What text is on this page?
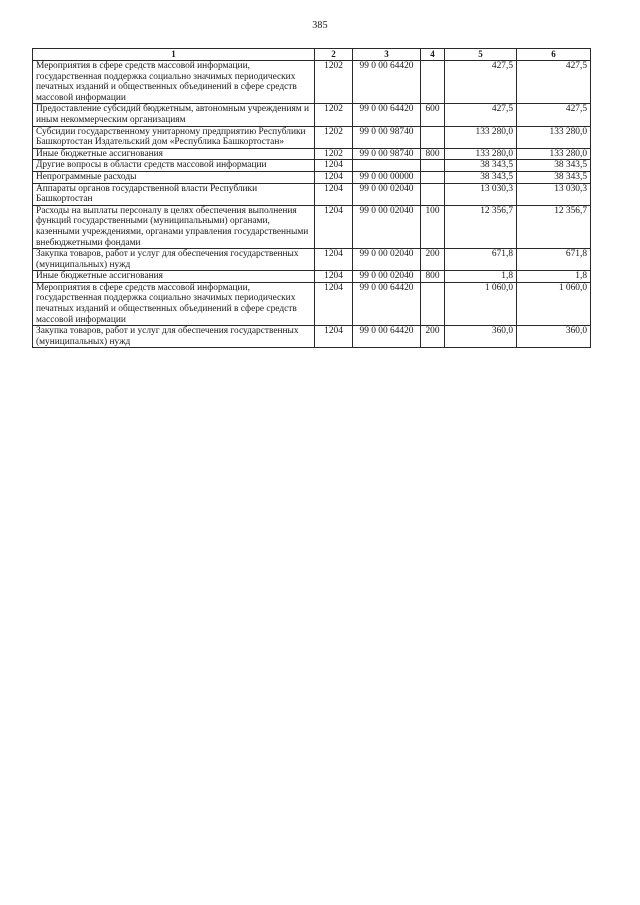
385
1	2	3	4	5	6
Мероприятия в сфере средств массовой информации, государственная поддержка социально значимых периодических печатных изданий и общественных объединений в сфере средств массовой информации	1202	99 0 00 64420		427,5	427,5
Предоставление субсидий бюджетным, автономным учреждениям и иным некоммерческим организациям	1202	99 0 00 64420	600	427,5	427,5
Субсидии государственному унитарному предприятию Республики Башкортостан Издательский дом «Республика Башкортостан»	1202	99 0 00 98740		133 280,0	133 280,0
Иные бюджетные ассигнования	1202	99 0 00 98740	800	133 280,0	133 280,0
Другие вопросы в области средств массовой информации	1204			38 343,5	38 343,5
Непрограммные расходы	1204	99 0 00 00000		38 343,5	38 343,5
Аппараты органов государственной власти Республики Башкортостан	1204	99 0 00 02040		13 030,3	13 030,3
Расходы на выплаты персоналу в целях обеспечения выполнения функций государственными (муниципальными) органами, казенными учреждениями, органами управления государственными внебюджетными фондами	1204	99 0 00 02040	100	12 356,7	12 356,7
Закупка товаров, работ и услуг для обеспечения государственных (муниципальных) нужд	1204	99 0 00 02040	200	671,8	671,8
Иные бюджетные ассигнования	1204	99 0 00 02040	800	1,8	1,8
Мероприятия в сфере средств массовой информации, государственная поддержка социально значимых периодических печатных изданий и общественных объединений в сфере средств массовой информации	1204	99 0 00 64420		1 060,0	1 060,0
Закупка товаров, работ и услуг для обеспечения государственных (муниципальных) нужд	1204	99 0 00 64420	200	360,0	360,0
